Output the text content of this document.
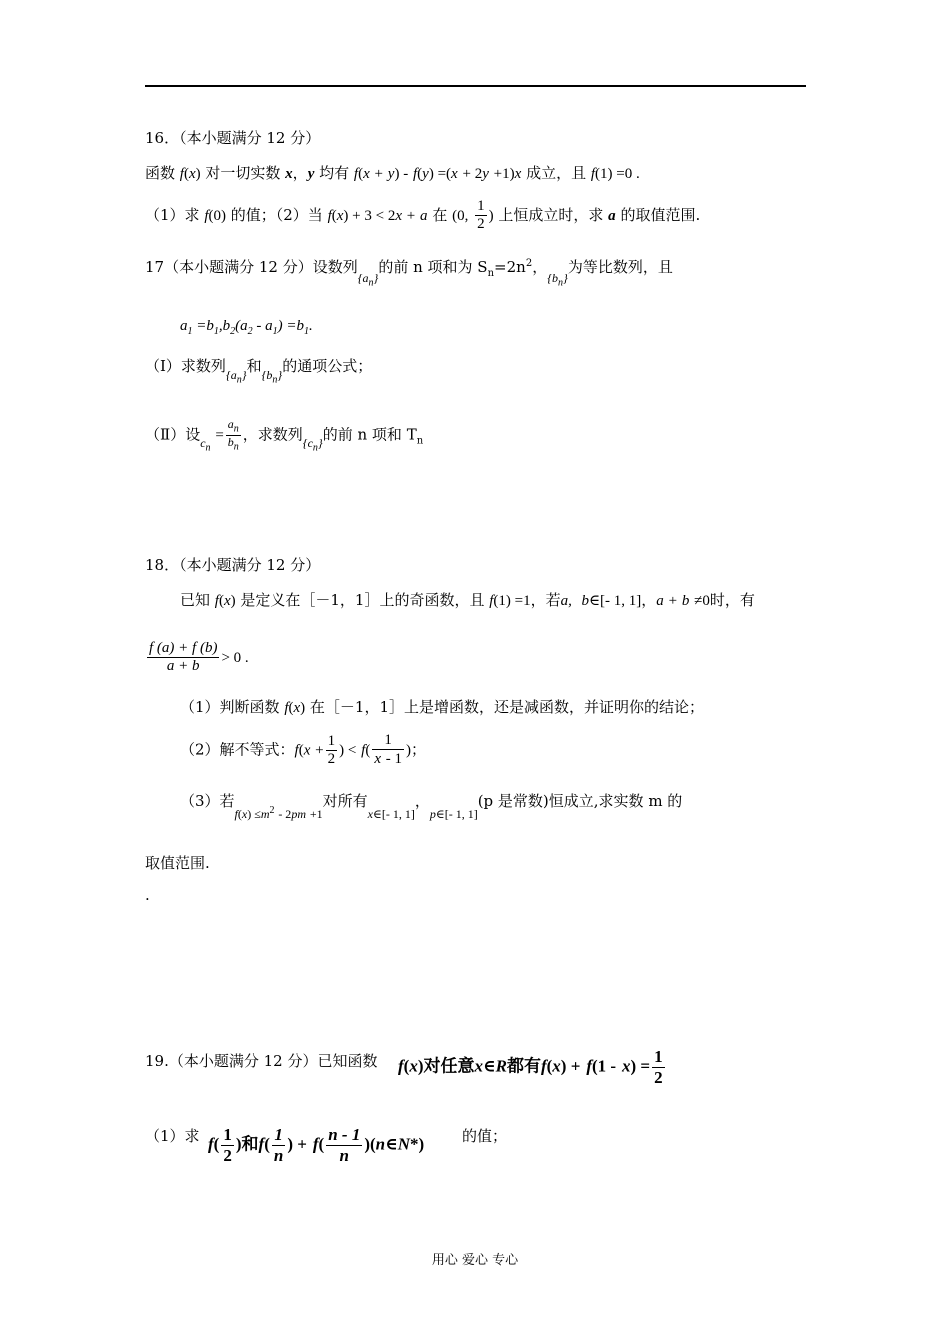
16．（本小题满分 12 分）
函数 f(x) 对一切实数 x，y 均有 f(x + y) - f(y) =(x + 2y +1)x 成立，且 f(1) =0 .
（1）求 f(0) 的值；（2）当 f(x) + 3 < 2x + a 在 (0, $\frac{1}{2}$ ) 上恒成立时，求 a 的取值范围.
17（本小题满分 12 分）设数列$_{\{a_n\}}$的前 n 项和为 $S_n=2n^2$，$_{\{b_n\}}$为等比数列，且
$a_1 =b_1,b_2(a_2 - a_1) =b_1$.
（Ⅰ）求数列$_{\{a_n\}}$和$_{\{b_n\}}$的通项公式；
（Ⅱ）设$_{c_n} = \frac{a_n}{b_n}$ ，求数列$_{\{c_n\}}$的前 n 项和 $T_n$
18．（本小题满分 12 分）
已知 f(x) 是定义在［－1，1］上的奇函数，且 f(1) =1，若a, b∈[- 1, 1]，a + b ≠0时，有
$\frac{f (a) + f (b)}{a + b} > 0$ .
（1）判断函数 f(x) 在［－1，1］上是增函数，还是减函数，并证明你的结论；
（2）解不等式：$f(x + \frac{1}{2}$ ) < $f( \frac{1}{x - 1}$ )；
（3）若$_{f(x) \le m^2 - 2pm +1}$对所有$_{x\in[- 1, 1]}$，$_{p\in[- 1, 1]}$(p 是常数)恒成立,求实数 m 的
取值范围.
.
19.（本小题满分 12 分）已知函数 f(x)对任意x∈R都有$f(x) + f(1 - x) = \frac{1}{2}$
（1）求 $f( \frac{1}{2}$ )和$f( \frac{1}{n}$ ) + $f( \frac{n - 1}{n}$ )(n∈N*)	的值；
用心 爱心 专心
